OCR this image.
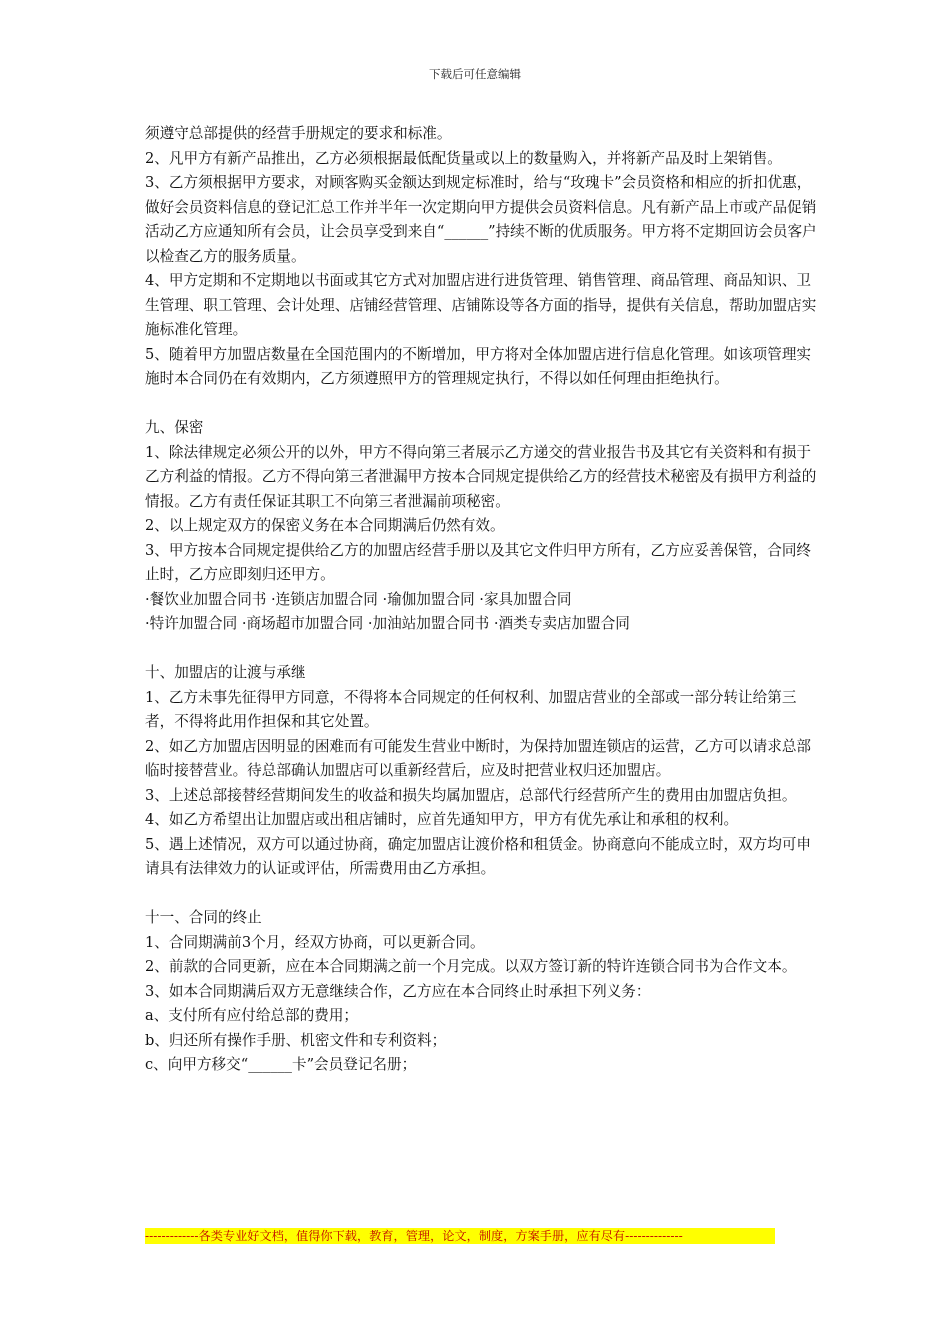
下载后可任意编辑

须遵守总部提供的经营手册规定的要求和标准。

2、凡甲方有新产品推出，乙方必须根据最低配货量或以上的数量购入，并将新产品及时上架销售。

3、乙方须根据甲方要求，对顾客购买金额达到规定标准时，给与“玫瑰卡”会员资格和相应的折扣优惠，做好会员资料信息的登记汇总工作并半年一次定期向甲方提供会员资料信息。凡有新产品上市或产品促销活动乙方应通知所有会员，让会员享受到来自“______”持续不断的优质服务。甲方将不定期回访会员客户以检查乙方的服务质量。

4、甲方定期和不定期地以书面或其它方式对加盟店进行进货管理、销售管理、商品管理、商品知识、卫生管理、职工管理、会计处理、店铺经营管理、店铺陈设等各方面的指导，提供有关信息，帮助加盟店实施标准化管理。

5、随着甲方加盟店数量在全国范围内的不断增加，甲方将对全体加盟店进行信息化管理。如该项管理实施时本合同仍在有效期内，乙方须遵照甲方的管理规定执行，不得以如任何理由拒绝执行。

九、保密

1、除法律规定必须公开的以外，甲方不得向第三者展示乙方递交的营业报告书及其它有关资料和有损于乙方利益的情报。乙方不得向第三者泄漏甲方按本合同规定提供给乙方的经营技术秘密及有损甲方利益的情报。乙方有责任保证其职工不向第三者泄漏前项秘密。

2、以上规定双方的保密义务在本合同期满后仍然有效。

3、甲方按本合同规定提供给乙方的加盟店经营手册以及其它文件归甲方所有，乙方应妥善保管，合同终止时，乙方应即刻归还甲方。

·餐饮业加盟合同书 ·连锁店加盟合同 ·瑜伽加盟合同 ·家具加盟合同

·特许加盟合同 ·商场超市加盟合同 ·加油站加盟合同书 ·酒类专卖店加盟合同

十、加盟店的让渡与承继

1、乙方未事先征得甲方同意，不得将本合同规定的任何权利、加盟店营业的全部或一部分转让给第三者，不得将此用作担保和其它处置。

2、如乙方加盟店因明显的困难而有可能发生营业中断时，为保持加盟连锁店的运营，乙方可以请求总部临时接替营业。待总部确认加盟店可以重新经营后，应及时把营业权归还加盟店。

3、上述总部接替经营期间发生的收益和损失均属加盟店，总部代行经营所产生的费用由加盟店负担。

4、如乙方希望出让加盟店或出租店铺时，应首先通知甲方，甲方有优先承让和承租的权利。

5、遇上述情况，双方可以通过协商，确定加盟店让渡价格和租赁金。协商意向不能成立时，双方均可申请具有法律效力的认证或评估，所需费用由乙方承担。

十一、合同的终止

1、合同期满前3个月，经双方协商，可以更新合同。

2、前款的合同更新，应在本合同期满之前一个月完成。以双方签订新的特许连锁合同书为合作文本。

3、如本合同期满后双方无意继续合作，乙方应在本合同终止时承担下列义务：

a、支付所有应付给总部的费用；

b、归还所有操作手册、机密文件和专利资料；

c、向甲方移交“______卡”会员登记名册；

-------------各类专业好文档，值得你下载，教育，管理，论文，制度，方案手册，应有尽有--------------
